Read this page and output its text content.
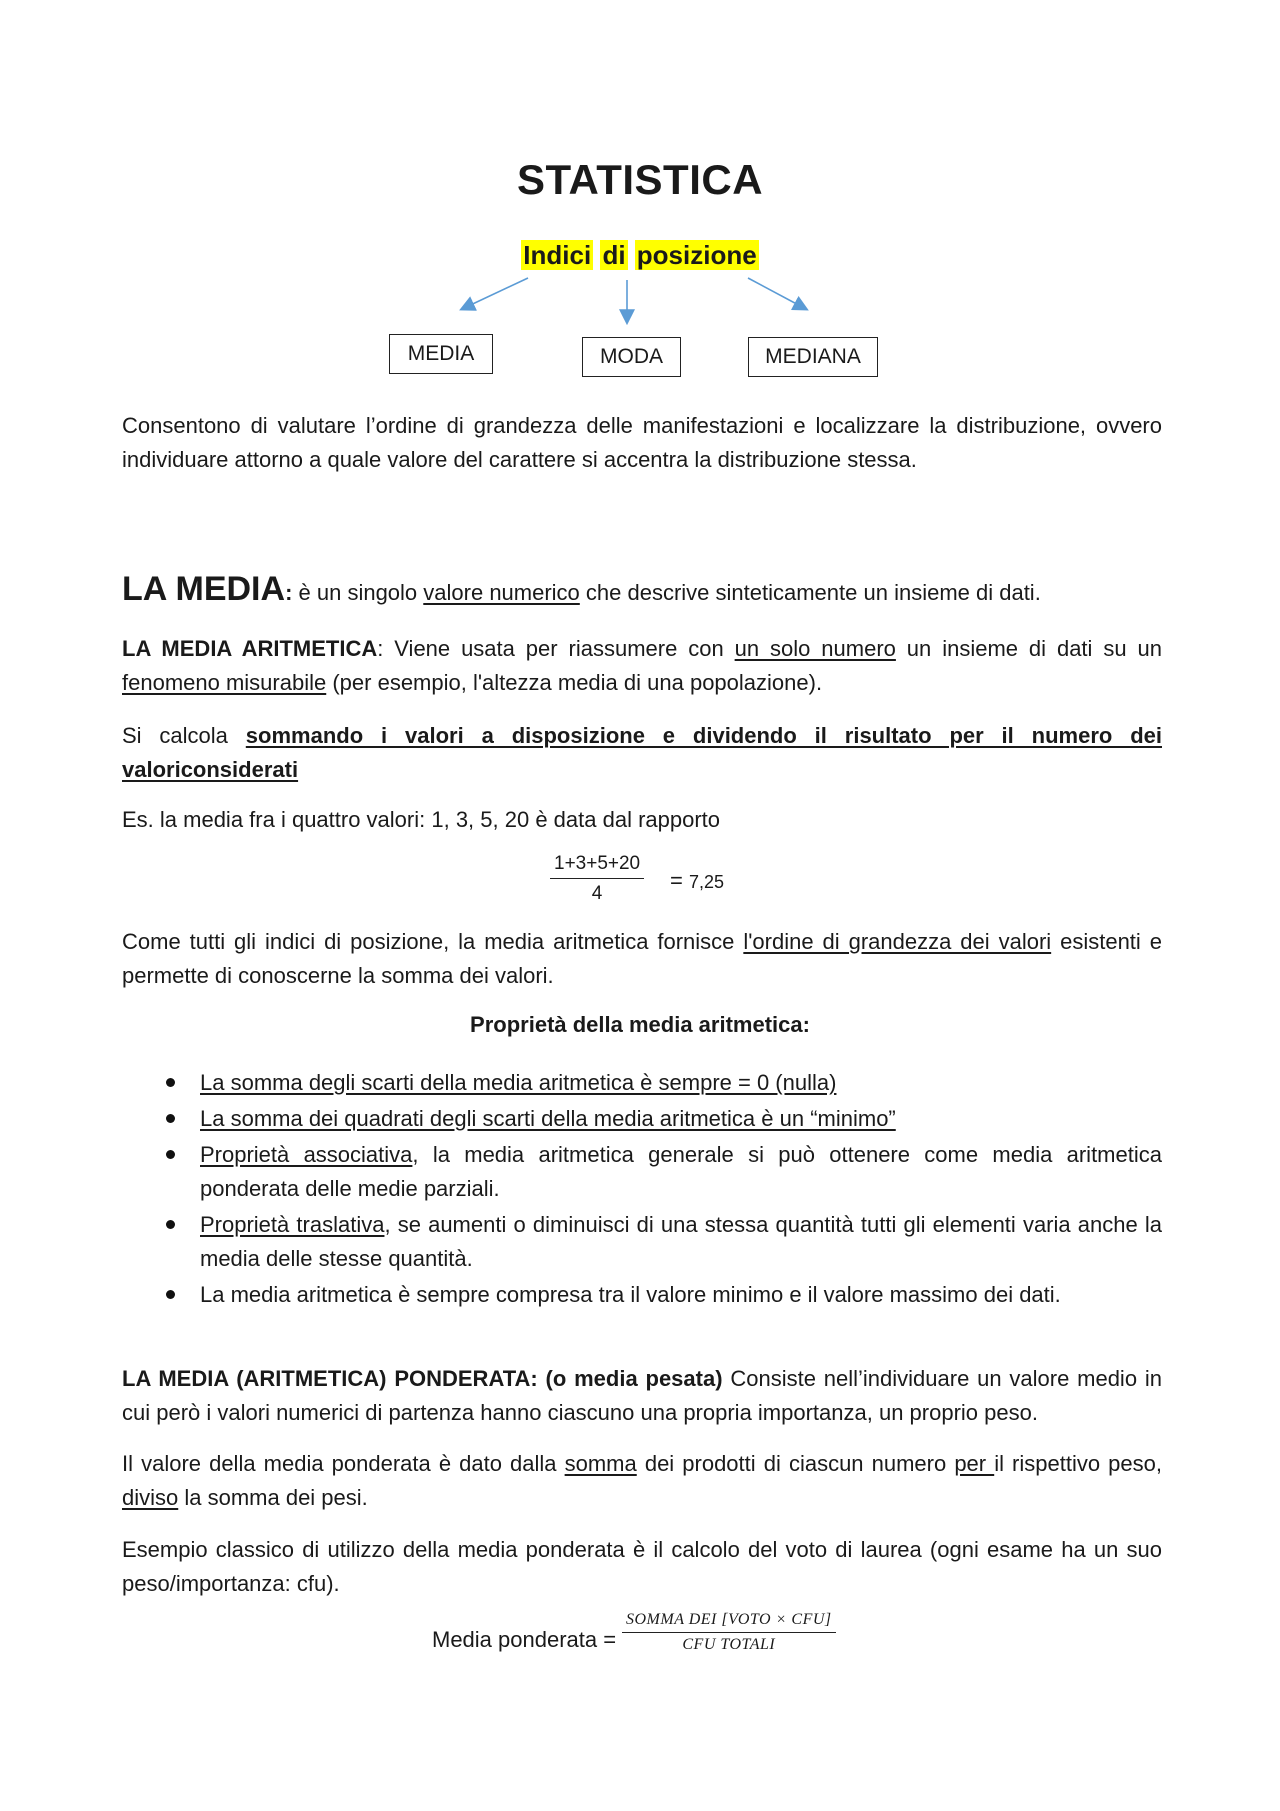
STATISTICA
Indici di posizione
MEDIA	MODA	MEDIANA
Consentono di valutare l’ordine di grandezza delle manifestazioni e localizzare la distribuzione, ovvero individuare attorno a quale valore del carattere si accentra la distribuzione stessa.
LA MEDIA: è un singolo valore numerico che descrive sinteticamente un insieme di dati.
LA MEDIA ARITMETICA: Viene usata per riassumere con un solo numero un insieme di dati su un fenomeno misurabile (per esempio, l'altezza media di una popolazione).
Si calcola sommando i valori a disposizione e dividendo il risultato per il numero dei valoriconsiderati
Es. la media fra i quattro valori: 1, 3, 5, 20 è data dal rapporto
$\frac{1+3+5+20}{4} = 7,25$
Come tutti gli indici di posizione, la media aritmetica fornisce l'ordine di grandezza dei valori esistenti e permette di conoscerne la somma dei valori.
Proprietà della media aritmetica:
La somma degli scarti della media aritmetica è sempre = 0 (nulla)
La somma dei quadrati degli scarti della media aritmetica è un “minimo”
Proprietà associativa, la media aritmetica generale si può ottenere come media aritmetica ponderata delle medie parziali.
Proprietà traslativa, se aumenti o diminuisci di una stessa quantità tutti gli elementi varia anche la media delle stesse quantità.
La media aritmetica è sempre compresa tra il valore minimo e il valore massimo dei dati.
LA MEDIA (ARITMETICA) PONDERATA: (o media pesata) Consiste nell’individuare un valore medio in cui però i valori numerici di partenza hanno ciascuno una propria importanza, un proprio peso.
Il valore della media ponderata è dato dalla somma dei prodotti di ciascun numero per il rispettivo peso, diviso la somma dei pesi.
Esempio classico di utilizzo della media ponderata è il calcolo del voto di laurea (ogni esame ha un suo peso/importanza: cfu).
Media ponderata =
SOMMA DEI [VOTO × CFU]
CFU TOTALI
